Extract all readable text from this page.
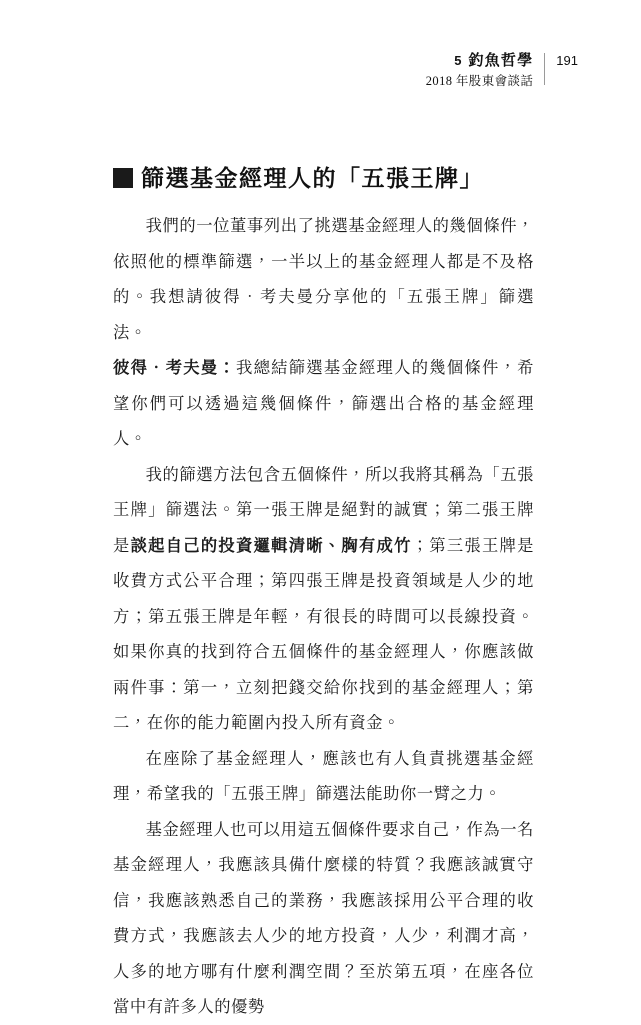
5 釣魚哲學
2018 年股東會談話
191
篩選基金經理人的「五張王牌」

我們的一位董事列出了挑選基金經理人的幾個條件，依照他的標準篩選，一半以上的基金經理人都是不及格的。我想請彼得‧考夫曼分享他的「五張王牌」篩選法。

彼得‧考夫曼：我總結篩選基金經理人的幾個條件，希望你們可以透過這幾個條件，篩選出合格的基金經理人。

我的篩選方法包含五個條件，所以我將其稱為「五張王牌」篩選法。第一張王牌是絕對的誠實；第二張王牌是談起自己的投資邏輯清晰、胸有成竹；第三張王牌是收費方式公平合理；第四張王牌是投資領域是人少的地方；第五張王牌是年輕，有很長的時間可以長線投資。如果你真的找到符合五個條件的基金經理人，你應該做兩件事：第一，立刻把錢交給你找到的基金經理人；第二，在你的能力範圍內投入所有資金。

在座除了基金經理人，應該也有人負責挑選基金經理，希望我的「五張王牌」篩選法能助你一臂之力。

基金經理人也可以用這五個條件要求自己，作為一名基金經理人，我應該具備什麼樣的特質？我應該誠實守信，我應該熟悉自己的業務，我應該採用公平合理的收費方式，我應該去人少的地方投資，人少，利潤才高，人多的地方哪有什麼利潤空間？至於第五項，在座各位當中有許多人的優勢
